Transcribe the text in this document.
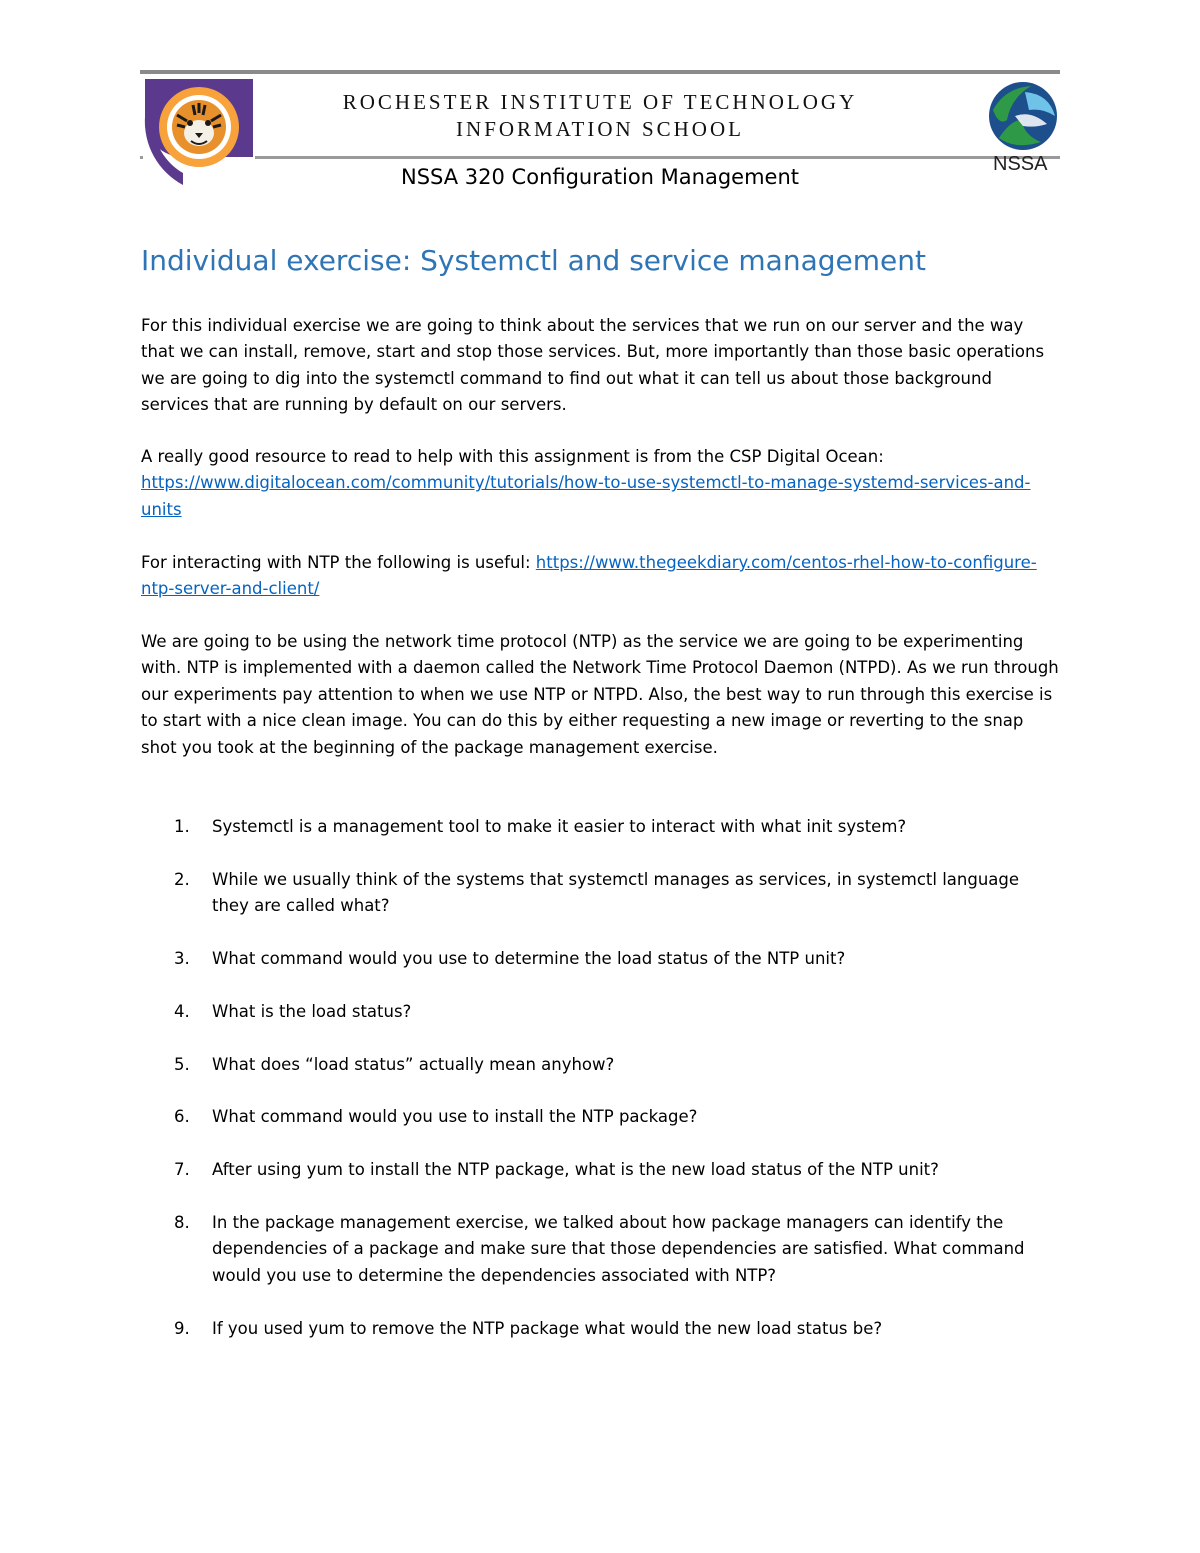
ROCHESTER INSTITUTE OF TECHNOLOGY
INFORMATION SCHOOL
NSSA 320 Configuration Management
NSSA
Individual exercise: Systemctl and service management

For this individual exercise we are going to think about the services that we run on our server and the way that we can install, remove, start and stop those services. But, more importantly than those basic operations we are going to dig into the systemctl command to find out what it can tell us about those background services that are running by default on our servers.

A really good resource to read to help with this assignment is from the CSP Digital Ocean:
https://www.digitalocean.com/community/tutorials/how-to-use-systemctl-to-manage-systemd-services-and-units

For interacting with NTP the following is useful: https://www.thegeekdiary.com/centos-rhel-how-to-configure-ntp-server-and-client/

We are going to be using the network time protocol (NTP) as the service we are going to be experimenting with. NTP is implemented with a daemon called the Network Time Protocol Daemon (NTPD). As we run through our experiments pay attention to when we use NTP or NTPD. Also, the best way to run through this exercise is to start with a nice clean image. You can do this by either requesting a new image or reverting to the snap shot you took at the beginning of the package management exercise.

1. Systemctl is a management tool to make it easier to interact with what init system?
2. While we usually think of the systems that systemctl manages as services, in systemctl language they are called what?
3. What command would you use to determine the load status of the NTP unit?
4. What is the load status?
5. What does “load status” actually mean anyhow?
6. What command would you use to install the NTP package?
7. After using yum to install the NTP package, what is the new load status of the NTP unit?
8. In the package management exercise, we talked about how package managers can identify the dependencies of a package and make sure that those dependencies are satisfied. What command would you use to determine the dependencies associated with NTP?
9. If you used yum to remove the NTP package what would the new load status be?
